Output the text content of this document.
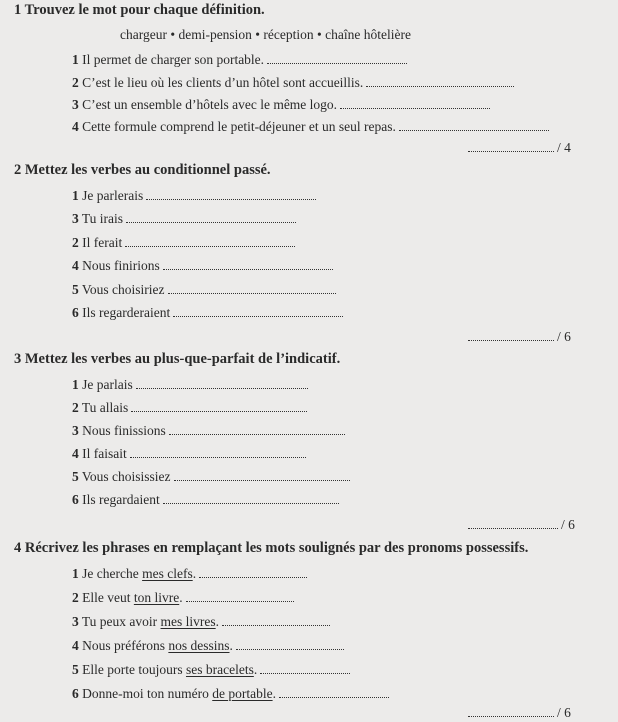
1 Trouvez le mot pour chaque définition.
chargeur • demi-pension • réception • chaîne hôtelière
1 Il permet de charger son portable.
2 C’est le lieu où les clients d’un hôtel sont accueillis.
3 C’est un ensemble d’hôtels avec le même logo.
4 Cette formule comprend le petit-déjeuner et un seul repas.
/ 4
2 Mettez les verbes au conditionnel passé.
1 Je parlerais
3 Tu irais
2 Il ferait
4 Nous finirions
5 Vous choisiriez
6 Ils regarderaient
/ 6
3 Mettez les verbes au plus-que-parfait de l’indicatif.
1 Je parlais
2 Tu allais
3 Nous finissions
4 Il faisait
5 Vous choisissiez
6 Ils regardaient
/ 6
4 Récrivez les phrases en remplaçant les mots soulignés par des pronoms possessifs.
1 Je cherche mes clefs.
2 Elle veut ton livre.
3 Tu peux avoir mes livres.
4 Nous préférons nos dessins.
5 Elle porte toujours ses bracelets.
6 Donne-moi ton numéro de portable.
/ 6
